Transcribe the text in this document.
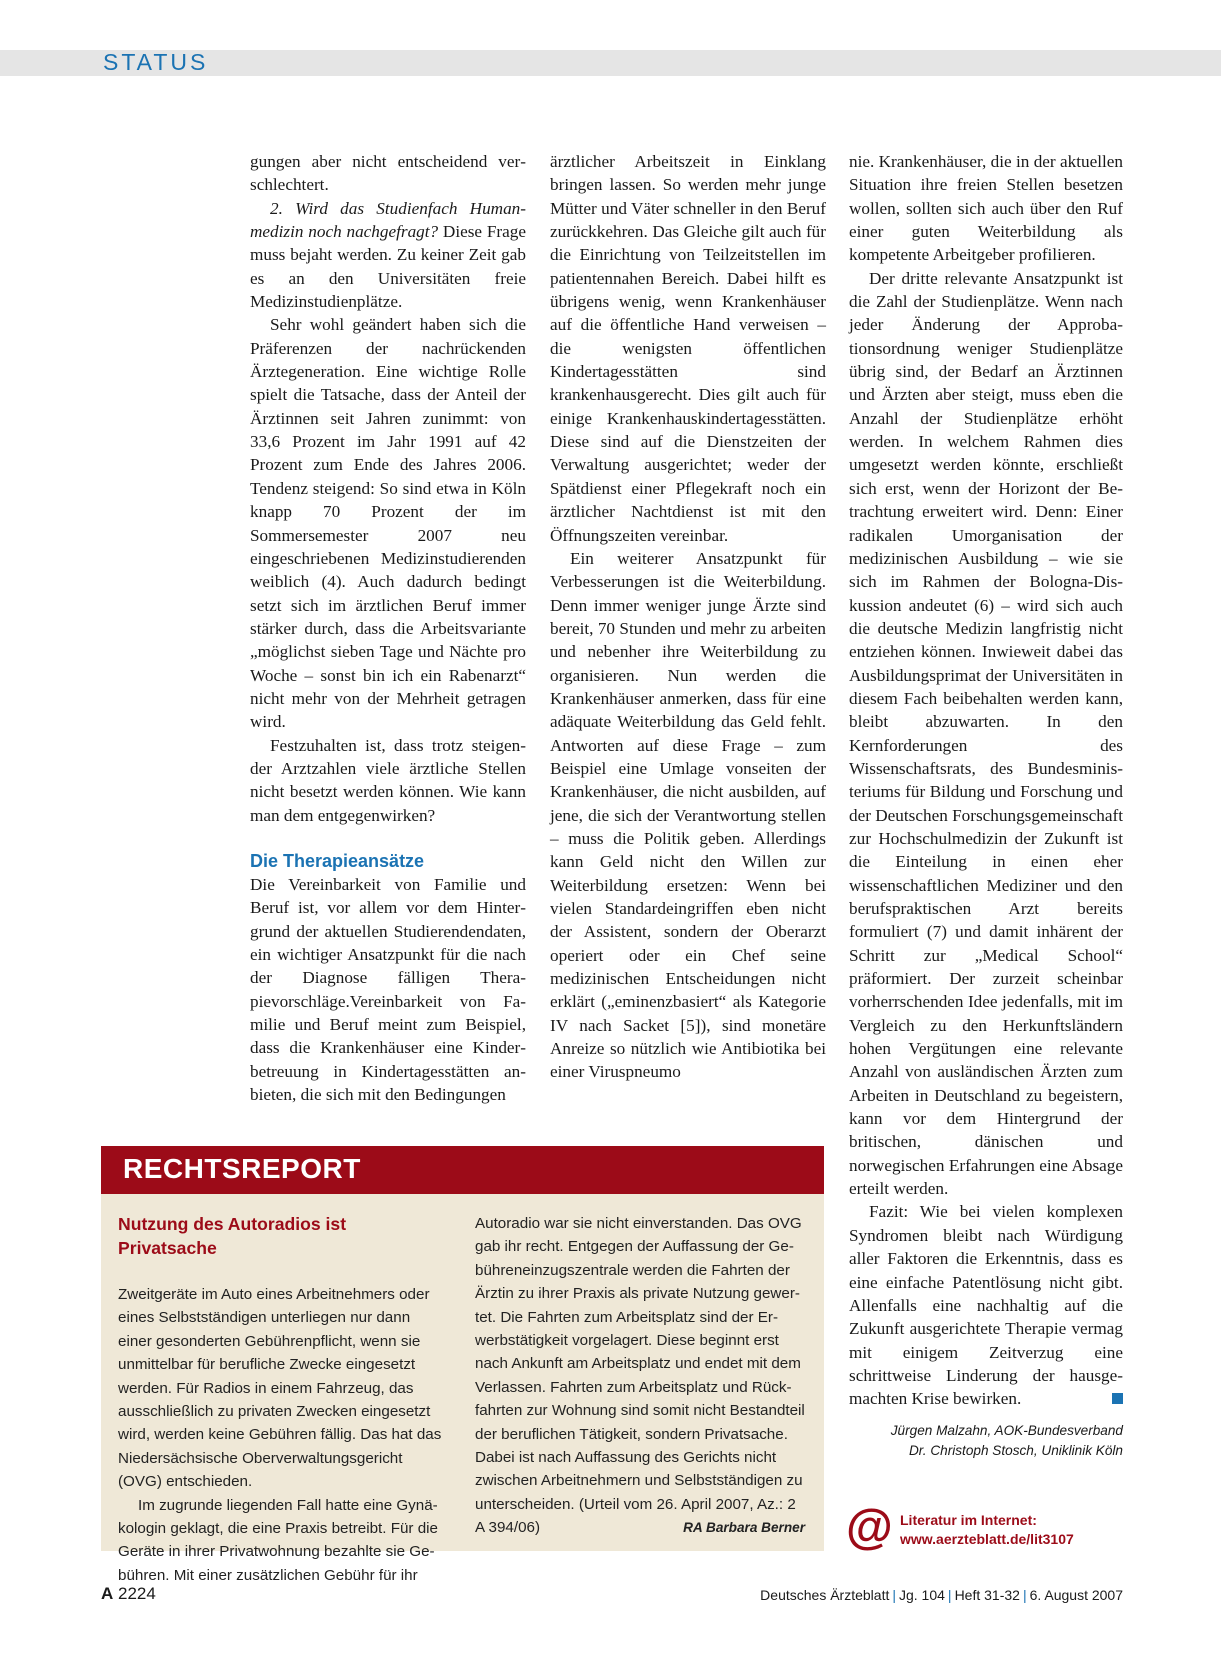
STATUS

gungen aber nicht entscheidend verschlechtert.

2. Wird das Studienfach Humanmedizin noch nachgefragt? Diese Frage muss bejaht werden. Zu keiner Zeit gab es an den Universitäten freie Medizinstudienplätze.

Sehr wohl geändert haben sich die Präferenzen der nachrückenden Ärztegeneration. Eine wichtige Rolle spielt die Tatsache, dass der Anteil der Ärztinnen seit Jahren zunimmt: von 33,6 Prozent im Jahr 1991 auf 42 Prozent zum Ende des Jahres 2006. Tendenz steigend: So sind etwa in Köln knapp 70 Prozent der im Sommersemester 2007 neu eingeschriebenen Medizinstudierenden weiblich (4). Auch dadurch bedingt setzt sich im ärztlichen Beruf immer stärker durch, dass die Arbeitsvariante „möglichst sieben Tage und Nächte pro Woche – sonst bin ich ein Rabenarzt“ nicht mehr von der Mehrheit getragen wird.

Festzuhalten ist, dass trotz steigender Arztzahlen viele ärztliche Stellen nicht besetzt werden können. Wie kann man dem entgegenwirken?

Die Therapieansätze

Die Vereinbarkeit von Familie und Beruf ist, vor allem vor dem Hintergrund der aktuellen Studierendendaten, ein wichtiger Ansatzpunkt für die nach der Diagnose fälligen Therapievorschläge.Vereinbarkeit von Familie und Beruf meint zum Beispiel, dass die Krankenhäuser eine Kinderbetreuung in Kindertagesstätten anbieten, die sich mit den Bedingungen

ärztlicher Arbeitszeit in Einklang bringen lassen. So werden mehr junge Mütter und Väter schneller in den Beruf zurückkehren. Das Gleiche gilt auch für die Einrichtung von Teilzeitstellen im patientennahen Bereich. Dabei hilft es übrigens wenig, wenn Krankenhäuser auf die öffentliche Hand verweisen – die wenigsten öffentlichen Kindertagesstätten sind krankenhausgerecht. Dies gilt auch für einige Krankenhauskindertagesstätten. Diese sind auf die Dienstzeiten der Verwaltung ausgerichtet; weder der Spätdienst einer Pflegekraft noch ein ärztlicher Nachtdienst ist mit den Öffnungszeiten vereinbar.

Ein weiterer Ansatzpunkt für Verbesserungen ist die Weiterbildung. Denn immer weniger junge Ärzte sind bereit, 70 Stunden und mehr zu arbeiten und nebenher ihre Weiterbildung zu organisieren. Nun werden die Krankenhäuser anmerken, dass für eine adäquate Weiterbildung das Geld fehlt. Antworten auf diese Frage – zum Beispiel eine Umlage vonseiten der Krankenhäuser, die nicht ausbilden, auf jene, die sich der Verantwortung stellen – muss die Politik geben. Allerdings kann Geld nicht den Willen zur Weiterbildung ersetzen: Wenn bei vielen Standardeingriffen eben nicht der Assistent, sondern der Oberarzt operiert oder ein Chef seine medizinischen Entscheidungen nicht erklärt („eminenzbasiert“ als Kategorie IV nach Sacket [5]), sind monetäre Anreize so nützlich wie Antibiotika bei einer Viruspneumo

nie. Krankenhäuser, die in der aktuellen Situation ihre freien Stellen besetzen wollen, sollten sich auch über den Ruf einer guten Weiterbildung als kompetente Arbeitgeber profilieren.

Der dritte relevante Ansatzpunkt ist die Zahl der Studienplätze. Wenn nach jeder Änderung der Approbationsordnung weniger Studienplätze übrig sind, der Bedarf an Ärztinnen und Ärzten aber steigt, muss eben die Anzahl der Studienplätze erhöht werden. In welchem Rahmen dies umgesetzt werden könnte, erschließt sich erst, wenn der Horizont der Betrachtung erweitert wird. Denn: Einer radikalen Umorganisation der medizinischen Ausbildung – wie sie sich im Rahmen der Bologna-Diskussion andeutet (6) – wird sich auch die deutsche Medizin langfristig nicht entziehen können. Inwieweit dabei das Ausbildungsprimat der Universitäten in diesem Fach beibehalten werden kann, bleibt abzuwarten. In den Kernforderungen des Wissenschaftsrats, des Bundesministeriums für Bildung und Forschung und der Deutschen Forschungsgemeinschaft zur Hochschulmedizin der Zukunft ist die Einteilung in einen eher wissenschaftlichen Mediziner und den berufspraktischen Arzt bereits formuliert (7) und damit inhärent der Schritt zur „Medical School“ präformiert. Der zurzeit scheinbar vorherrschenden Idee jedenfalls, mit im Vergleich zu den Herkunftsländern hohen Vergütungen eine relevante Anzahl von ausländischen Ärzten zum Arbeiten in Deutschland zu begeistern, kann vor dem Hintergrund der britischen, dänischen und norwegischen Erfahrungen eine Absage erteilt werden.

Fazit: Wie bei vielen komplexen Syndromen bleibt nach Würdigung aller Faktoren die Erkenntnis, dass es eine einfache Patentlösung nicht gibt. Allenfalls eine nachhaltig auf die Zukunft ausgerichtete Therapie vermag mit einigem Zeitverzug eine schrittweise Linderung der hausgemachten Krise bewirken.

Jürgen Malzahn, AOK-Bundesverband
Dr. Christoph Stosch, Uniklinik Köln
@ Literatur im Internet:
www.aerzteblatt.de/lit3107
RECHTSREPORT

Nutzung des Autoradios ist Privatsache

Zweitgeräte im Auto eines Arbeitnehmers oder eines Selbstständigen unterliegen nur dann einer gesonderten Gebührenpflicht, wenn sie unmittelbar für berufliche Zwecke eingesetzt werden. Für Radios in einem Fahrzeug, das ausschließlich zu privaten Zwecken eingesetzt wird, werden keine Gebühren fällig. Das hat das Niedersächsische Oberverwaltungsgericht (OVG) entschieden.

Im zugrunde liegenden Fall hatte eine Gynäkologin geklagt, die eine Praxis betreibt. Für die Geräte in ihrer Privatwohnung bezahlte sie Gebühren. Mit einer zusätzlichen Gebühr für ihr

Autoradio war sie nicht einverstanden. Das OVG gab ihr recht. Entgegen der Auffassung der Gebühreneinzugszentrale werden die Fahrten der Ärztin zu ihrer Praxis als private Nutzung gewertet. Die Fahrten zum Arbeitsplatz sind der Erwerbstätigkeit vorgelagert. Diese beginnt erst nach Ankunft am Arbeitsplatz und endet mit dem Verlassen. Fahrten zum Arbeitsplatz und Rückfahrten zur Wohnung sind somit nicht Bestandteil der beruflichen Tätigkeit, sondern Privatsache. Dabei ist nach Auffassung des Gerichts nicht zwischen Arbeitnehmern und Selbstständigen zu unterscheiden. (Urteil vom 26. April 2007, Az.: 2 A 394/06)	RA Barbara Berner

A 2224	Deutsches Ärzteblatt | Jg. 104 | Heft 31-32 | 6. August 2007
